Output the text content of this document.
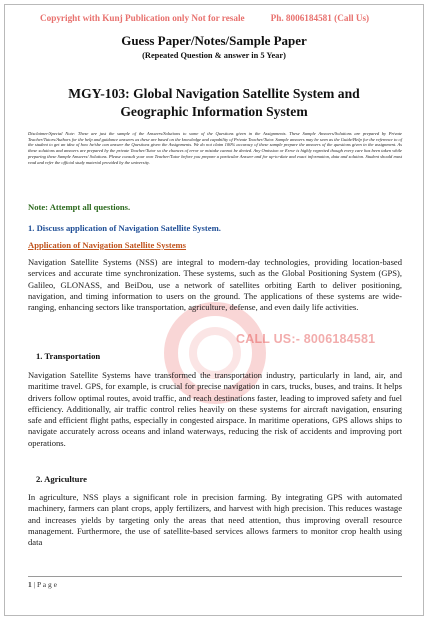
Copyright with Kunj Publication only Not for resale	Ph. 8006184581 (Call Us)
Guess Paper/Notes/Sample Paper
(Repeated Question & answer in 5 Year)
MGY-103: Global Navigation Satellite System and
Geographic Information System
Disclaimer/Special Note: These are just the sample of the Answers/Solutions to some of the Questions given in the Assignments. These Sample Answers/Solutions are prepared by Private Teacher/Tutors/Authors for the help and guidance answers as these are based on the knowledge and capability of Private Teacher/Tutor. Sample answers may be seen as the Guide/Help for the reference to of the student to get an idea of how he/she can answer the Questions given the Assignments. We do not claim 100% accuracy of these sample prepare the answers of the questions given in the assignment. As these solutions and answers are prepared by the private Teacher/Tutor so the chances of error or mistake cannot be denied. Any Omission or Error is highly regretted though every care has been taken while preparing these Sample Answers/ Solutions. Please consult your own Teacher/Tutor before you prepare a particular Answer and for up-to-date and exact information, data and solution. Student should must read and refer the official study material provided by the university.
Note: Attempt all questions.
1. Discuss application of Navigation Satellite System.
Application of Navigation Satellite Systems
CALL US:- 8006184581
Navigation Satellite Systems (NSS) are integral to modern-day technologies, providing location-based services and accurate time synchronization. These systems, such as the Global Positioning System (GPS), Galileo, GLONASS, and BeiDou, use a network of satellites orbiting Earth to deliver positioning, navigation, and timing information to users on the ground. The applications of these systems are wide-ranging, enhancing sectors like transportation, agriculture, defense, and even daily life activities.
1. Transportation
Navigation Satellite Systems have transformed the transportation industry, particularly in land, air, and maritime travel. GPS, for example, is crucial for precise navigation in cars, trucks, buses, and trains. It helps drivers follow optimal routes, avoid traffic, and reach destinations faster, leading to improved safety and fuel efficiency. Additionally, air traffic control relies heavily on these systems for aircraft navigation, ensuring safe and efficient flight paths, especially in congested airspace. In maritime operations, GPS allows ships to navigate accurately across oceans and inland waterways, reducing the risk of accidents and improving port operations.
2. Agriculture
In agriculture, NSS plays a significant role in precision farming. By integrating GPS with automated machinery, farmers can plant crops, apply fertilizers, and harvest with high precision. This reduces wastage and increases yields by targeting only the areas that need attention, thus improving overall resource management. Furthermore, the use of satellite-based services allows farmers to monitor crop health using data
1 | P a g e
